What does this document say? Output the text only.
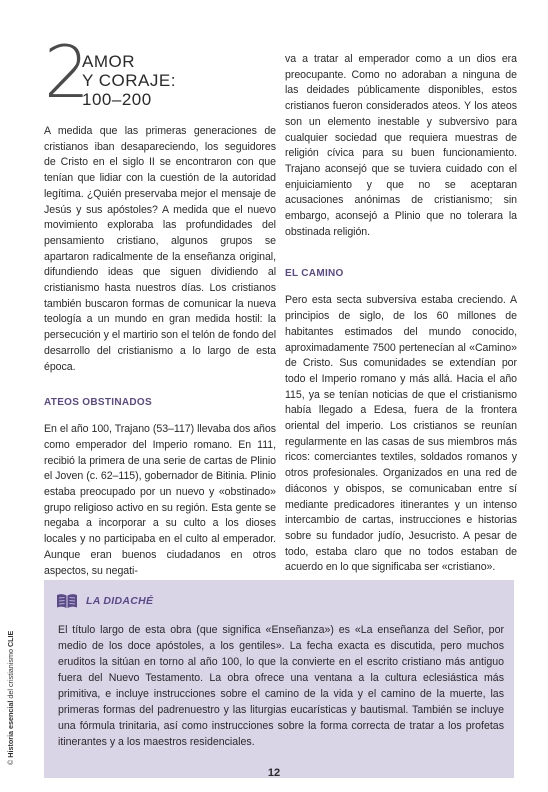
2
AMOR
Y CORAJE:
100–200

A medida que las primeras generaciones de cristianos iban desapareciendo, los seguidores de Cristo en el siglo II se encontraron con que tenían que lidiar con la cuestión de la autoridad legítima. ¿Quién preservaba mejor el mensaje de Jesús y sus apóstoles? A medida que el nuevo movimiento exploraba las profundidades del pensamiento cristiano, algunos grupos se apartaron radicalmente de la enseñanza original, difundiendo ideas que siguen dividiendo al cristianismo hasta nuestros días. Los cristianos también buscaron formas de comunicar la nueva teología a un mundo en gran medida hostil: la persecución y el martirio son el telón de fondo del desarrollo del cristianismo a lo largo de esta época.

ATEOS OBSTINADOS

En el año 100, Trajano (53–117) llevaba dos años como emperador del Imperio romano. En 111, recibió la primera de una serie de cartas de Plinio el Joven (c. 62–115), gobernador de Bitinia. Plinio estaba preocupado por un nuevo y «obstinado» grupo religioso activo en su región. Esta gente se negaba a incorporar a su culto a los dioses locales y no participaba en el culto al emperador. Aunque eran buenos ciudadanos en otros aspectos, su negati-

va a tratar al emperador como a un dios era preocupante. Como no adoraban a ninguna de las deidades públicamente disponibles, estos cristianos fueron considerados ateos. Y los ateos son un elemento inestable y subversivo para cualquier sociedad que requiera muestras de religión cívica para su buen funcionamiento. Trajano aconsejó que se tuviera cuidado con el enjuiciamiento y que no se aceptaran acusaciones anónimas de cristianismo; sin embargo, aconsejó a Plinio que no tolerara la obstinada religión.

EL CAMINO

Pero esta secta subversiva estaba creciendo. A principios de siglo, de los 60 millones de habitantes estimados del mundo conocido, aproximadamente 7500 pertenecían al «Camino» de Cristo. Sus comunidades se extendían por todo el Imperio romano y más allá. Hacia el año 115, ya se tenían noticias de que el cristianismo había llegado a Edesa, fuera de la frontera oriental del imperio. Los cristianos se reunían regularmente en las casas de sus miembros más ricos: comerciantes textiles, soldados romanos y otros profesionales. Organizados en una red de diáconos y obispos, se comunicaban entre sí mediante predicadores itinerantes y un intenso intercambio de cartas, instrucciones e historias sobre su fundador judío, Jesucristo. A pesar de todo, estaba claro que no todos estaban de acuerdo en lo que significaba ser «cristiano».

LA DIDACHÉ

El título largo de esta obra (que significa «Enseñanza») es «La enseñanza del Señor, por medio de los doce apóstoles, a los gentiles». La fecha exacta es discutida, pero muchos eruditos la sitúan en torno al año 100, lo que la convierte en el escrito cristiano más antiguo fuera del Nuevo Testamento. La obra ofrece una ventana a la cultura eclesiástica más primitiva, e incluye instrucciones sobre el camino de la vida y el camino de la muerte, las primeras formas del padrenuestro y las liturgias eucarísticas y bautismal. También se incluye una fórmula trinitaria, así como instrucciones sobre la forma correcta de tratar a los profetas itinerantes y a los maestros residenciales.

© Historia esencial del cristianismo CLIE
12
